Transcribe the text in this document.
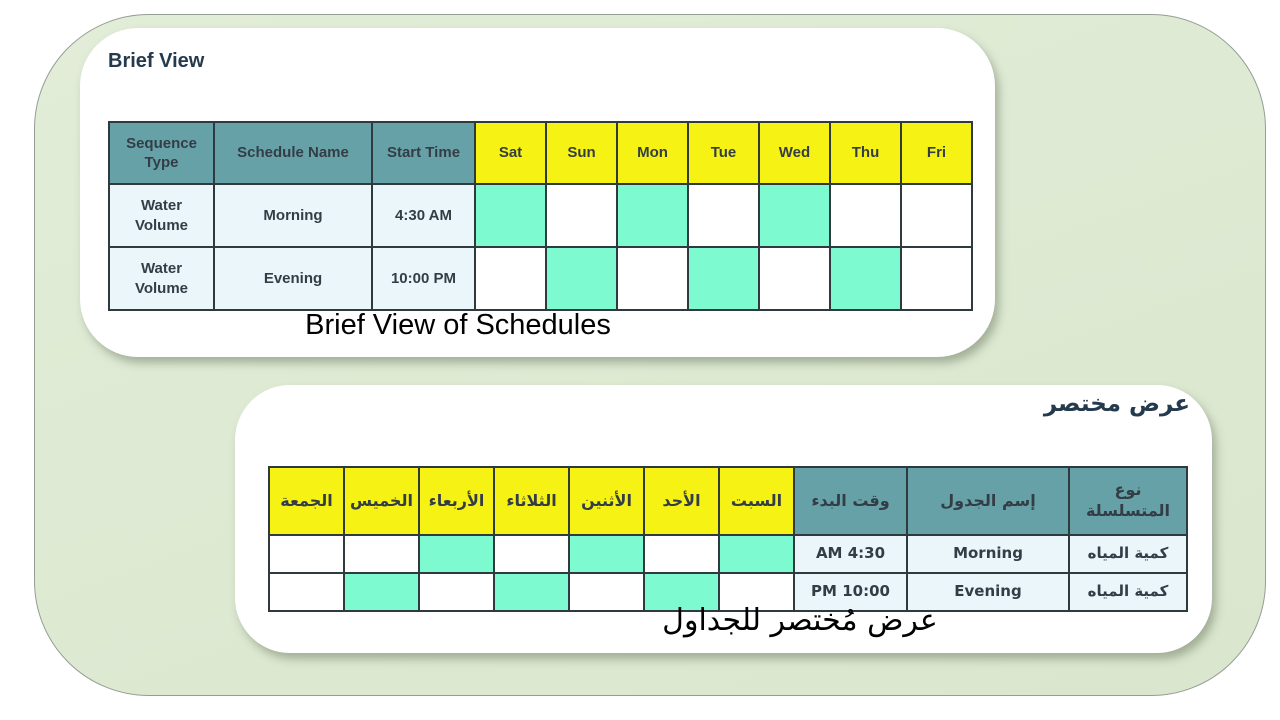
Brief View
Sequence Type	Schedule Name	Start Time	Sat	Sun	Mon	Tue	Wed	Thu	Fri
Water Volume	Morning	4:30 AM							
Water Volume	Evening	10:00 PM							
Brief View of Schedules
عرض مختصر
نوع المتسلسلة	إسم الجدول	وقت البدء	السبت	الأحد	الأثنين	الثلاثاء	الأربعاء	الخميس	الجمعة
كمية المياه	Morning	4:30 AM							
كمية المياه	Evening	10:00 PM							
عرض مُختصر للجداول
